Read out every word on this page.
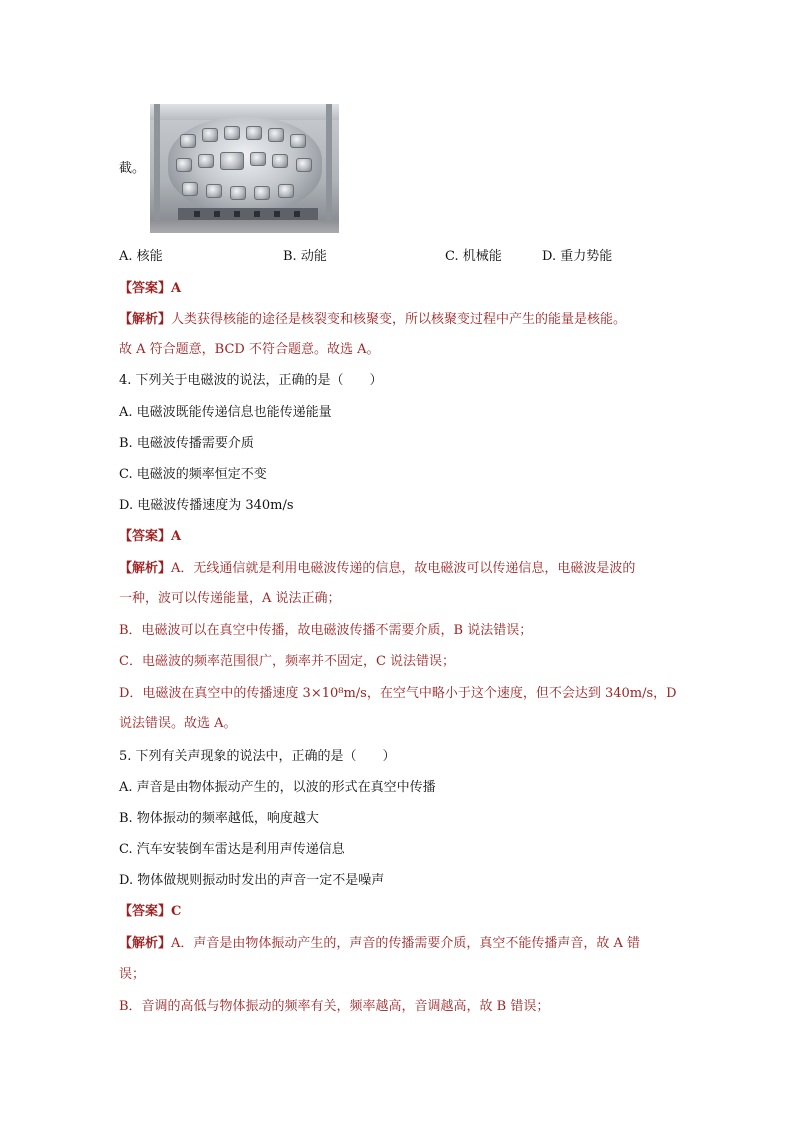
截。
A. 核能	B. 动能	C. 机械能	D. 重力势能
【答案】A
【解析】人类获得核能的途径是核裂变和核聚变，所以核聚变过程中产生的能量是核能。
故 A 符合题意，BCD 不符合题意。故选 A。
4. 下列关于电磁波的说法，正确的是（　　）
A. 电磁波既能传递信息也能传递能量
B. 电磁波传播需要介质
C. 电磁波的频率恒定不变
D. 电磁波传播速度为 340m/s
【答案】A
【解析】A．无线通信就是利用电磁波传递的信息，故电磁波可以传递信息，电磁波是波的
一种，波可以传递能量，A 说法正确；
B．电磁波可以在真空中传播，故电磁波传播不需要介质，B 说法错误；
C．电磁波的频率范围很广，频率并不固定，C 说法错误；
D．电磁波在真空中的传播速度 3×10⁸m/s，在空气中略小于这个速度，但不会达到 340m/s，D
说法错误。故选 A。
5. 下列有关声现象的说法中，正确的是（　　）
A. 声音是由物体振动产生的，以波的形式在真空中传播
B. 物体振动的频率越低，响度越大
C. 汽车安装倒车雷达是利用声传递信息
D. 物体做规则振动时发出的声音一定不是噪声
【答案】C
【解析】A．声音是由物体振动产生的，声音的传播需要介质，真空不能传播声音，故 A 错
误；
B．音调的高低与物体振动的频率有关，频率越高，音调越高，故 B 错误；
